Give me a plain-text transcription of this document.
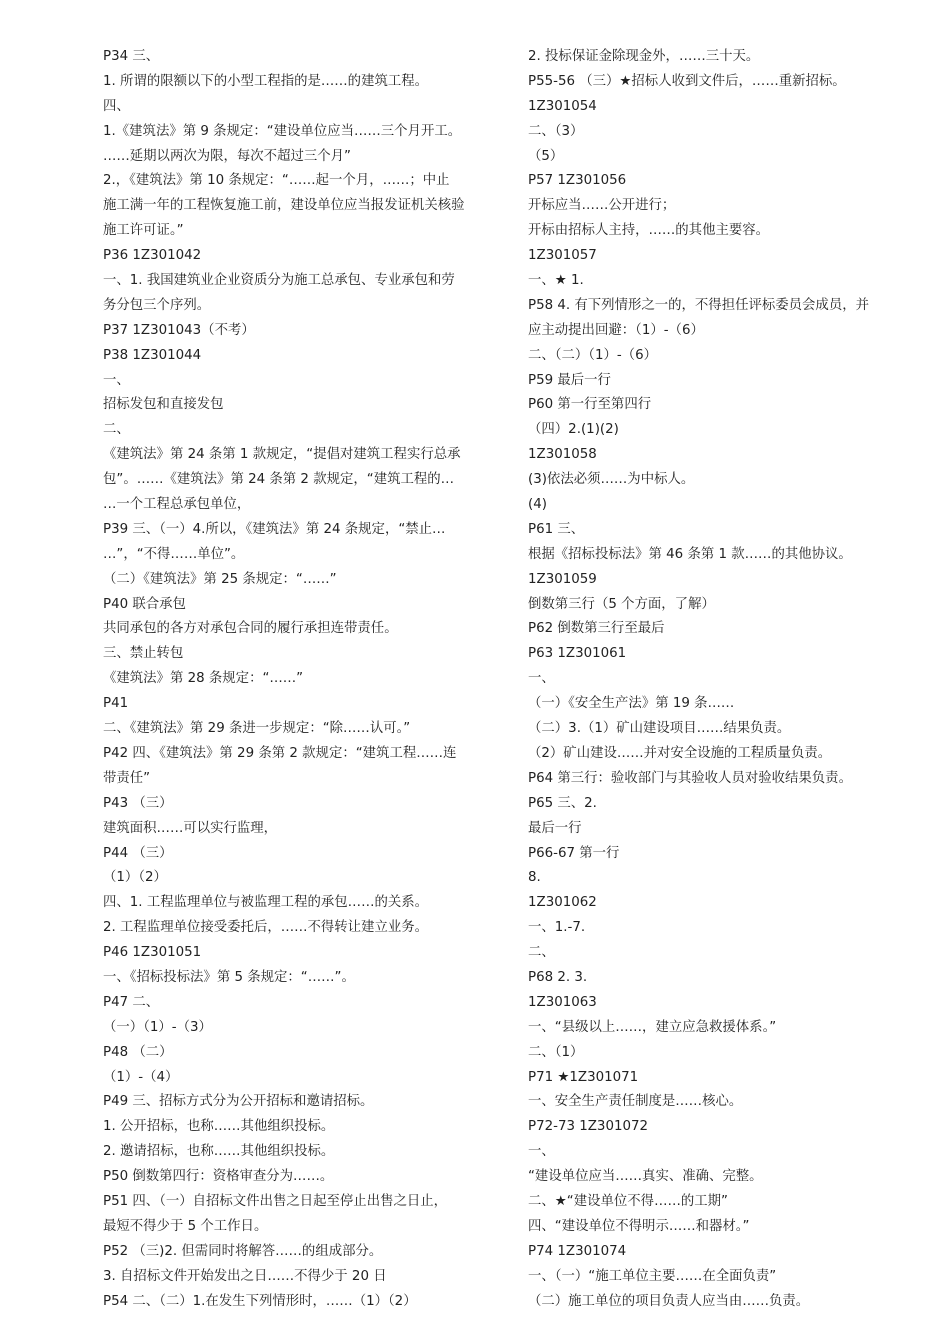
P34 三、
1. 所谓的限额以下的小型工程指的是……的建筑工程。
四、
1.《建筑法》第 9 条规定：“建设单位应当……三个月开工。
……延期以两次为限，每次不超过三个月”
2.，《建筑法》第 10 条规定：“……起一个月，……；中止
施工满一年的工程恢复施工前，建设单位应当报发证机关核验
施工许可证。”
P36 1Z301042
一、1. 我国建筑业企业资质分为施工总承包、专业承包和劳
务分包三个序列。
P37 1Z301043（不考）
P38 1Z301044
一、
招标发包和直接发包
二、
《建筑法》第 24 条第 1 款规定，“提倡对建筑工程实行总承
包”。……《建筑法》第 24 条第 2 款规定，“建筑工程的…
…一个工程总承包单位，
P39 三、（一）4.所以，《建筑法》第 24 条规定，“禁止…
…”，“不得……单位”。
（二）《建筑法》第 25 条规定：“……”
P40 联合承包
共同承包的各方对承包合同的履行承担连带责任。
三、禁止转包
《建筑法》第 28 条规定：“……”
P41
二、《建筑法》第 29 条进一步规定：“除……认可。”
P42 四、《建筑法》第 29 条第 2 款规定：“建筑工程……连
带责任”
P43 （三）
建筑面积……可以实行监理，
P44 （三）
（1）（2）
四、1. 工程监理单位与被监理工程的承包……的关系。
2. 工程监理单位接受委托后，……不得转让建立业务。
P46 1Z301051
一、《招标投标法》第 5 条规定：“……”。
P47 二、
（一）（1）-（3）
P48 （二）
（1）-（4）
P49 三、招标方式分为公开招标和邀请招标。
1. 公开招标，也称……其他组织投标。
2. 邀请招标，也称……其他组织投标。
P50 倒数第四行：资格审查分为……。
P51 四、（一）自招标文件出售之日起至停止出售之日止，
最短不得少于 5 个工作日。
P52 （三)2. 但需同时将解答……的组成部分。
3. 自招标文件开始发出之日……不得少于 20 日
P54 二、（二）1.在发生下列情形时，……（1）（2）
2. 投标保证金除现金外，……三十天。
P55-56 （三）★招标人收到文件后，……重新招标。
1Z301054
二、（3）
（5）
P57 1Z301056
开标应当……公开进行；
开标由招标人主持，……的其他主要容。
1Z301057
一、★ 1.
P58 4. 有下列情形之一的，不得担任评标委员会成员，并
应主动提出回避：（1）-（6）
二、（二）（1）-（6）
P59 最后一行
P60 第一行至第四行
（四）2.(1)(2)
1Z301058
(3)依法必须……为中标人。
(4)
P61 三、
根据《招标投标法》第 46 条第 1 款……的其他协议。
1Z301059
倒数第三行（5 个方面，了解）
P62 倒数第三行至最后
P63 1Z301061
一、
（一）《安全生产法》第 19 条……
（二）3.（1）矿山建设项目……结果负责。
（2）矿山建设……并对安全设施的工程质量负责。
P64 第三行：验收部门与其验收人员对验收结果负责。
P65 三、2.
最后一行
P66-67 第一行
8.
1Z301062
一、1.-7.
二、
P68 2. 3.
1Z301063
一、“县级以上……，建立应急救援体系。”
二、（1）
P71 ★1Z301071
一、安全生产责任制度是……核心。
P72-73 1Z301072
一、
“建设单位应当……真实、准确、完整。
二、★“建设单位不得……的工期”
四、“建设单位不得明示……和器材。”
P74 1Z301074
一、（一）“施工单位主要……在全面负责”
（二）施工单位的项目负责人应当由……负责。
